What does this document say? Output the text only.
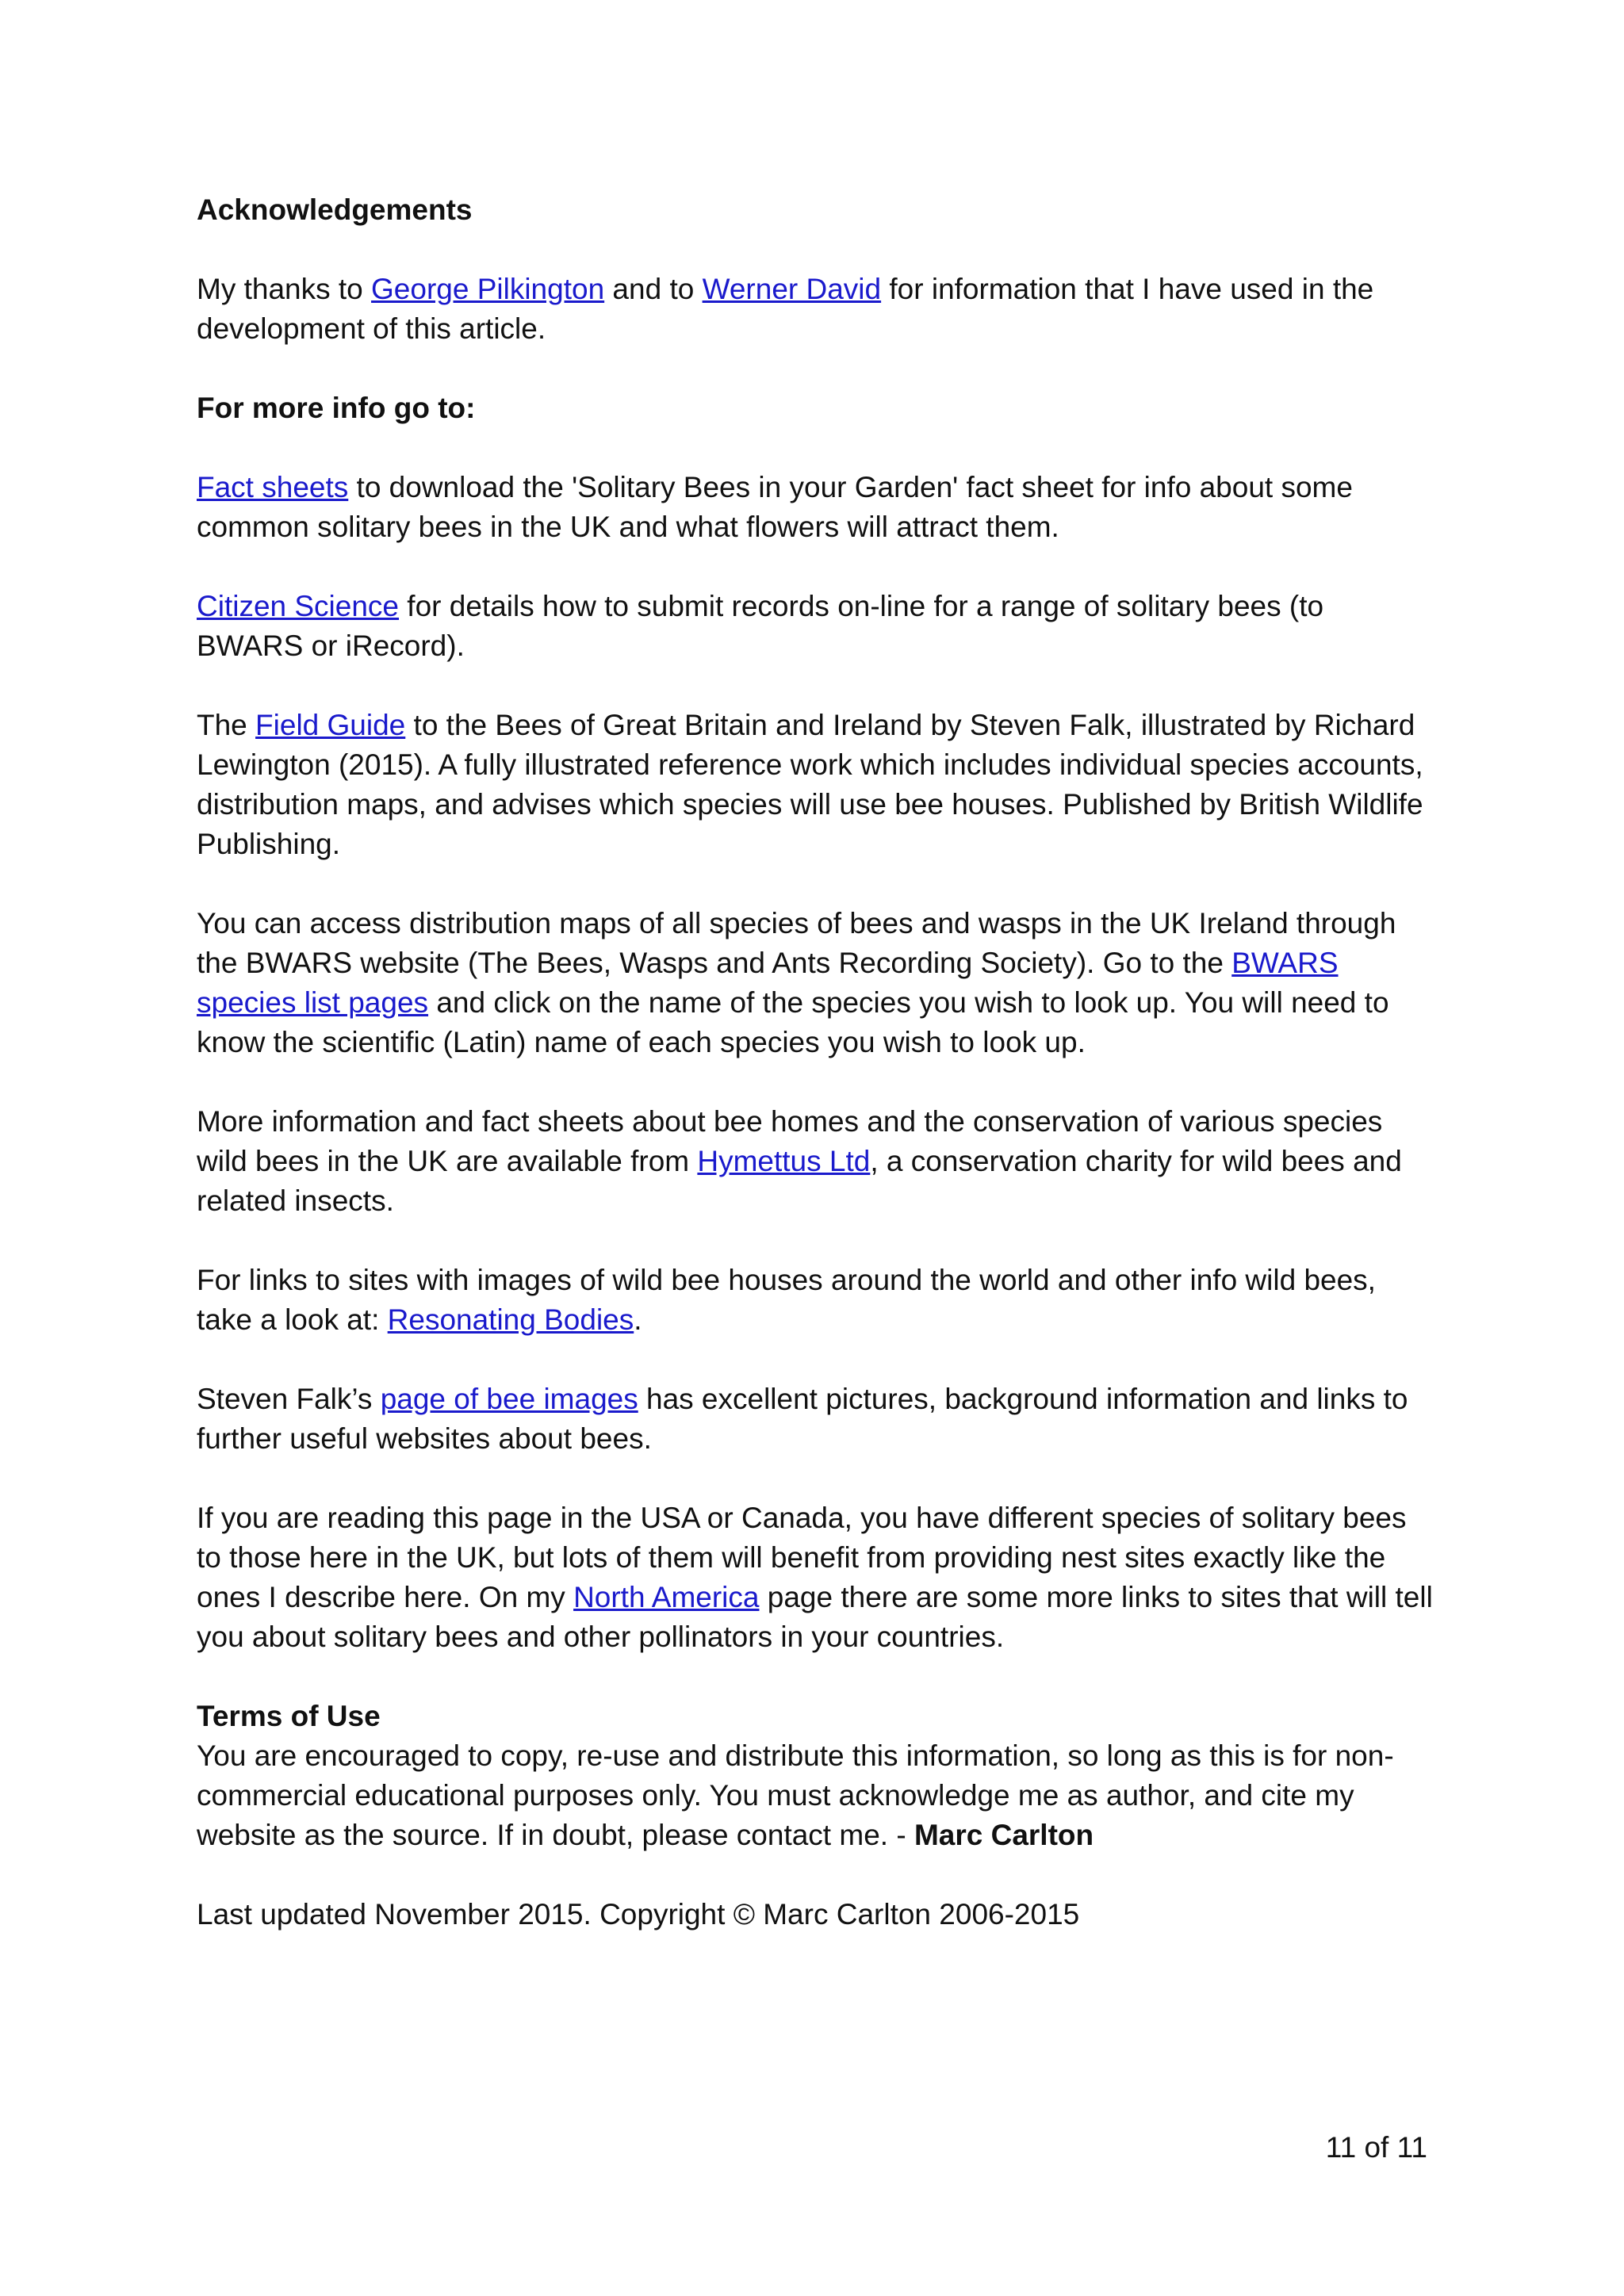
Acknowledgements

My thanks to George Pilkington and to Werner David for information that I have used in the development of this article.

For more info go to:

Fact sheets to download the 'Solitary Bees in your Garden' fact sheet for info about some common solitary bees in the UK and what flowers will attract them.

Citizen Science for details how to submit records on-line for a range of solitary bees (to BWARS or iRecord).

The Field Guide to the Bees of Great Britain and Ireland by Steven Falk, illustrated by Richard Lewington (2015). A fully illustrated reference work which includes individual species accounts, distribution maps, and advises which species will use bee houses. Published by British Wildlife Publishing.

You can access distribution maps of all species of bees and wasps in the UK Ireland through the BWARS website (The Bees, Wasps and Ants Recording Society). Go to the BWARS species list pages and click on the name of the species you wish to look up. You will need to know the scientific (Latin) name of each species you wish to look up.

More information and fact sheets about bee homes and the conservation of various species wild bees in the UK are available from Hymettus Ltd, a conservation charity for wild bees and related insects.

For links to sites with images of wild bee houses around the world and other info wild bees, take a look at: Resonating Bodies.

Steven Falk’s page of bee images has excellent pictures, background information and links to further useful websites about bees.

If you are reading this page in the USA or Canada, you have different species of solitary bees to those here in the UK, but lots of them will benefit from providing nest sites exactly like the ones I describe here. On my North America page there are some more links to sites that will tell you about solitary bees and other pollinators in your countries.

Terms of Use

You are encouraged to copy, re-use and distribute this information, so long as this is for non-commercial educational purposes only. You must acknowledge me as author, and cite my website as the source. If in doubt, please contact me. - Marc Carlton

Last updated November 2015. Copyright © Marc Carlton 2006-2015

11 of 11
